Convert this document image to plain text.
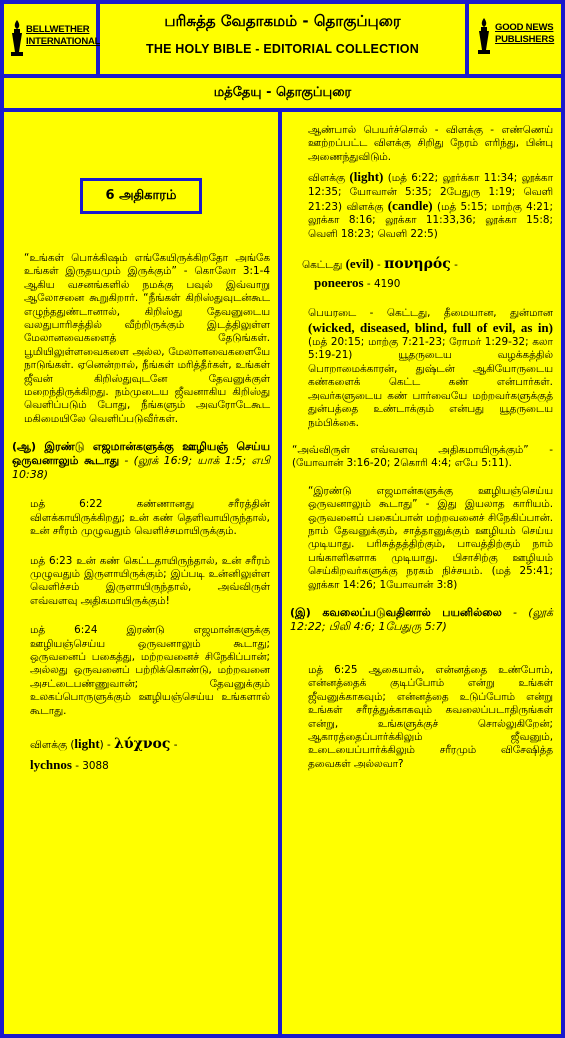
BELLWETHER
INTERNATIONAL
பரிசுத்த வேதாகமம் - தொகுப்புரை
THE HOLY BIBLE - EDITORIAL COLLECTION
GOOD NEWS
PUBLISHERS
மத்தேயு - தொகுப்புரை
6 அதிகாரம்

“உங்கள் பொக்கிஷம் எங்கேயிருக்கிறதோ அங்கே உங்கள் இருதயமும் இருக்கும்” - கொலோ 3:1-4 ஆகிய வசனங்களில் நமக்கு பவுல் இவ்வாறு ஆலோசனை கூறுகிறார். “நீங்கள் கிறிஸ்துவுடன்கூட எழுந்ததுண்டானால், கிறிஸ்து தேவனுடைய வலதுபாரிசத்தில் வீற்றிருக்கும் இடத்திலுள்ள மேலானவைகளைத் தேடுங்கள். பூமியிலுள்ளவைகளை அல்ல, மேலானவைகளையே நாடுங்கள். ஏனென்றால், நீங்கள் மரித்தீர்கள், உங்கள் ஜீவன் கிறிஸ்துவுடனே தேவனுக்குள் மறைந்திருக்கிறது. நம்முடைய ஜீவனாகிய கிறிஸ்து வெளிப்படும் போது, நீங்களும் அவரோடேகூட மகிமையிலே வெளிப்படுவீர்கள்.

(ஆ) இரண்டு எஜமான்களுக்கு ஊழியஞ் செய்ய ஒருவனாலும் கூடாது - (லூக் 16:9; யாக் 1:5; எபி 10:38)

மத் 6:22 கண்ணானது சரீரத்தின் விளக்காயிருக்கிறது; உன் கண் தெளிவாயிருந்தால், உன் சரீரம் முழுவதும் வெளிச்சமாயிருக்கும்.

மத் 6:23 உன் கண் கெட்டதாயிருந்தால், உன் சரீரம் முழுவதும் இருளாயிருக்கும்; இப்படி உன்னிலுள்ள வெளிச்சம் இருளாயிருந்தால், அவ்விருள் எவ்வளவு அதிகமாயிருக்கும்!

மத் 6:24 இரண்டு எஜமான்களுக்கு ஊழியஞ்செய்ய ஒருவனாலும் கூடாது; ஒருவனைப் பகைத்து, மற்றவனைச் சிநேகிப்பான்; அல்லது ஒருவனைப் பற்றிக்கொண்டு, மற்றவனை அசட்டைபண்ணுவான்; தேவனுக்கும் உலகப்பொருளுக்கும் ஊழியஞ்செய்ய உங்களால் கூடாது.

விளக்கு (light) - λύχνος -
lychnos - 3088

ஆண்பால் பெயர்ச்சொல் - விளக்கு - எண்ணெய் ஊற்றப்பட்ட விளக்கு சிறிது நேரம் எரிந்து, பின்பு அணைந்துவிடும்.

விளக்கு (light) (மத் 6:22; லூர்க்கா 11:34; லூக்கா 12:35; யோவான் 5:35; 2பேதுரு 1:19; வெளி 21:23) விளக்கு (candle) (மத் 5:15; மாற்கு 4:21; லூக்கா 8:16; லூக்கா 11:33,36; லூக்கா 15:8; வெளி 18:23; வெளி 22:5)

கெட்டது (evil) - πονηρός -
poneeros - 4190

பெயரடை - கெட்டது, தீமையான, துன்மான (wicked, diseased, blind, full of evil, as in) (மத் 20:15; மாற்கு 7:21-23; ரோமர் 1:29-32; கலா 5:19-21) யூதருடைய வழக்கத்தில் பொறாமைக்காரன், துஷ்டன் ஆகியோருடைய கண்களைக் கெட்ட கண் என்பார்கள். அவர்களுடைய கண் பார்வையே மற்றவர்களுக்குத் துன்பத்தை உண்டாக்கும் என்பது யூதருடைய நம்பிக்கை.

“அவ்விருள் எவ்வளவு அதிகமாயிருக்கும்” - (யோவான் 3:16-20; 2கொரி 4:4; எபே 5:11).

“இரண்டு எஜமான்களுக்கு ஊழியஞ்செய்ய ஒருவனாலும் கூடாது” - இது இயலாத காரியம். ஒருவனைப் பகைப்பான் மற்றவனைச் சிநேகிப்பான். நாம் தேவனுக்கும், சாத்தானுக்கும் ஊழியம் செய்ய முடியாது. பரிசுத்தத்திற்கும், பாவத்திற்கும் நாம் பங்காளிகளாக முடியாது. பிசாசிற்கு ஊழியம் செய்கிறவர்களுக்கு நரகம் நிச்சயம். (மத் 25:41; லூக்கா 14:26; 1யோவான் 3:8)

(இ) கவலைப்படுவதினால் பயனில்லை - (லூக் 12:22; பிலி 4:6; 1பேதுரு 5:7)

மத் 6:25 ஆகையால், என்னத்தை உண்போம், என்னத்தைக் குடிப்போம் என்று உங்கள் ஜீவனுக்காகவும்; என்னத்தை உடுப்போம் என்று உங்கள் சரீரத்துக்காகவும் கவலைப்படாதிருங்கள் என்று, உங்களுக்குச் சொல்லுகிறேன்; ஆகாரத்தைப்பார்க்கிலும் ஜீவனும், உடையைப்பார்க்கிலும் சரீரமும் விசேஷித்த தவைகள் அல்லவா?
